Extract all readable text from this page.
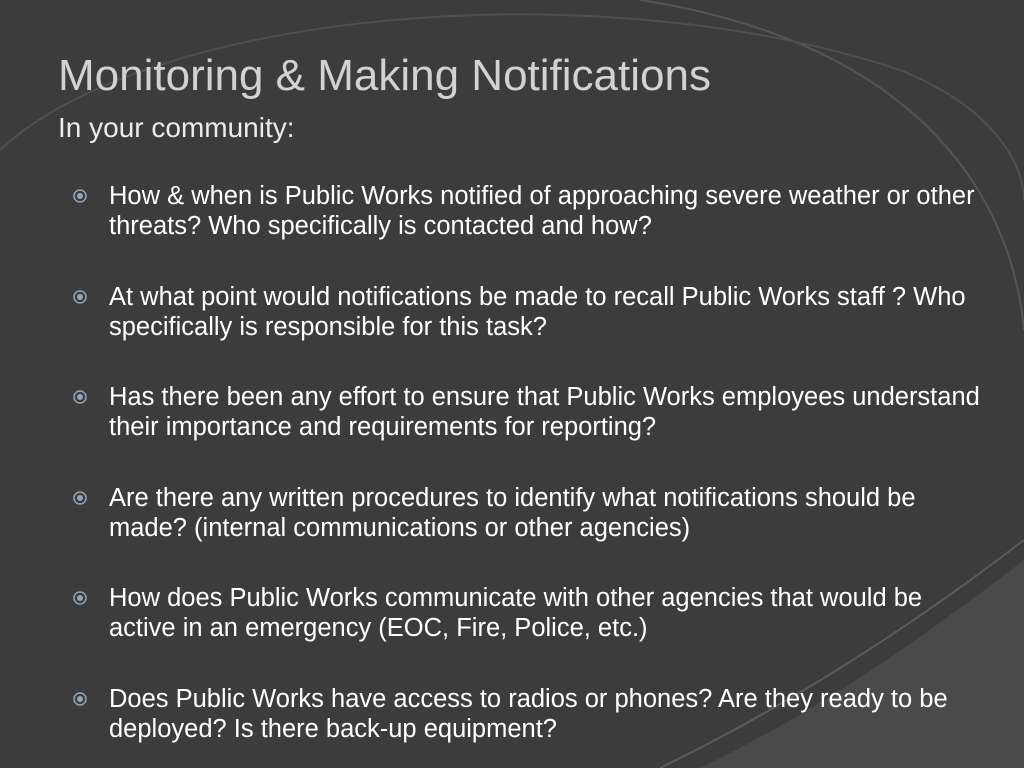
Monitoring & Making Notifications
In your community:
How & when is Public Works notified of approaching severe weather or other threats? Who specifically is contacted and how?
At what point would notifications be made to recall Public Works staff ? Who specifically is responsible for this task?
Has there been any effort to ensure that Public Works employees understand their importance and requirements for reporting?
Are there any written procedures to identify what notifications should be made? (internal communications or other agencies)
How does Public Works communicate with other agencies that would be active in an emergency (EOC, Fire, Police, etc.)
Does Public Works have access to radios or phones? Are they ready to be deployed? Is there back-up equipment?
